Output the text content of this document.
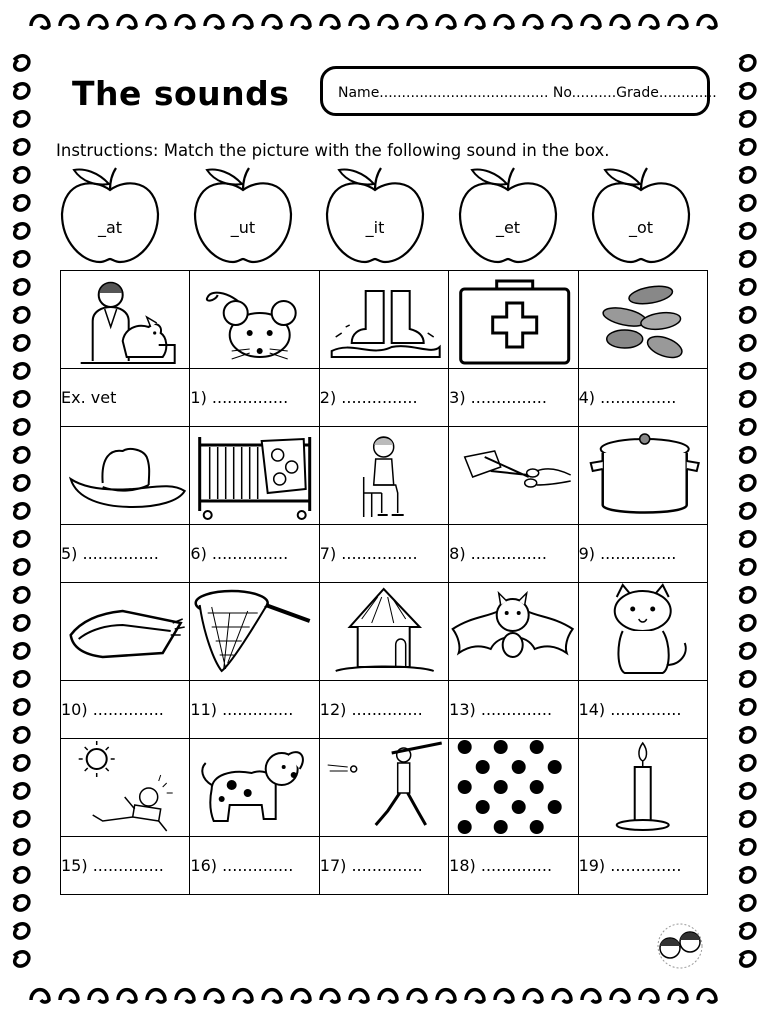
The sounds	Name...................................... No..........Grade.............
Instructions: Match the picture with the following sound in the box.
_at	_ut	_it	_et	_ot

Ex. vet	1) ...............	2) ...............	3) ...............	4) ...............

5) ...............	6) ...............	7) ...............	8) ...............	9) ...............

10) ..............	11) ..............	12) ..............	13) ..............	14) ..............

15) ..............	16) ..............	17) ..............	18) ..............	19) ..............
